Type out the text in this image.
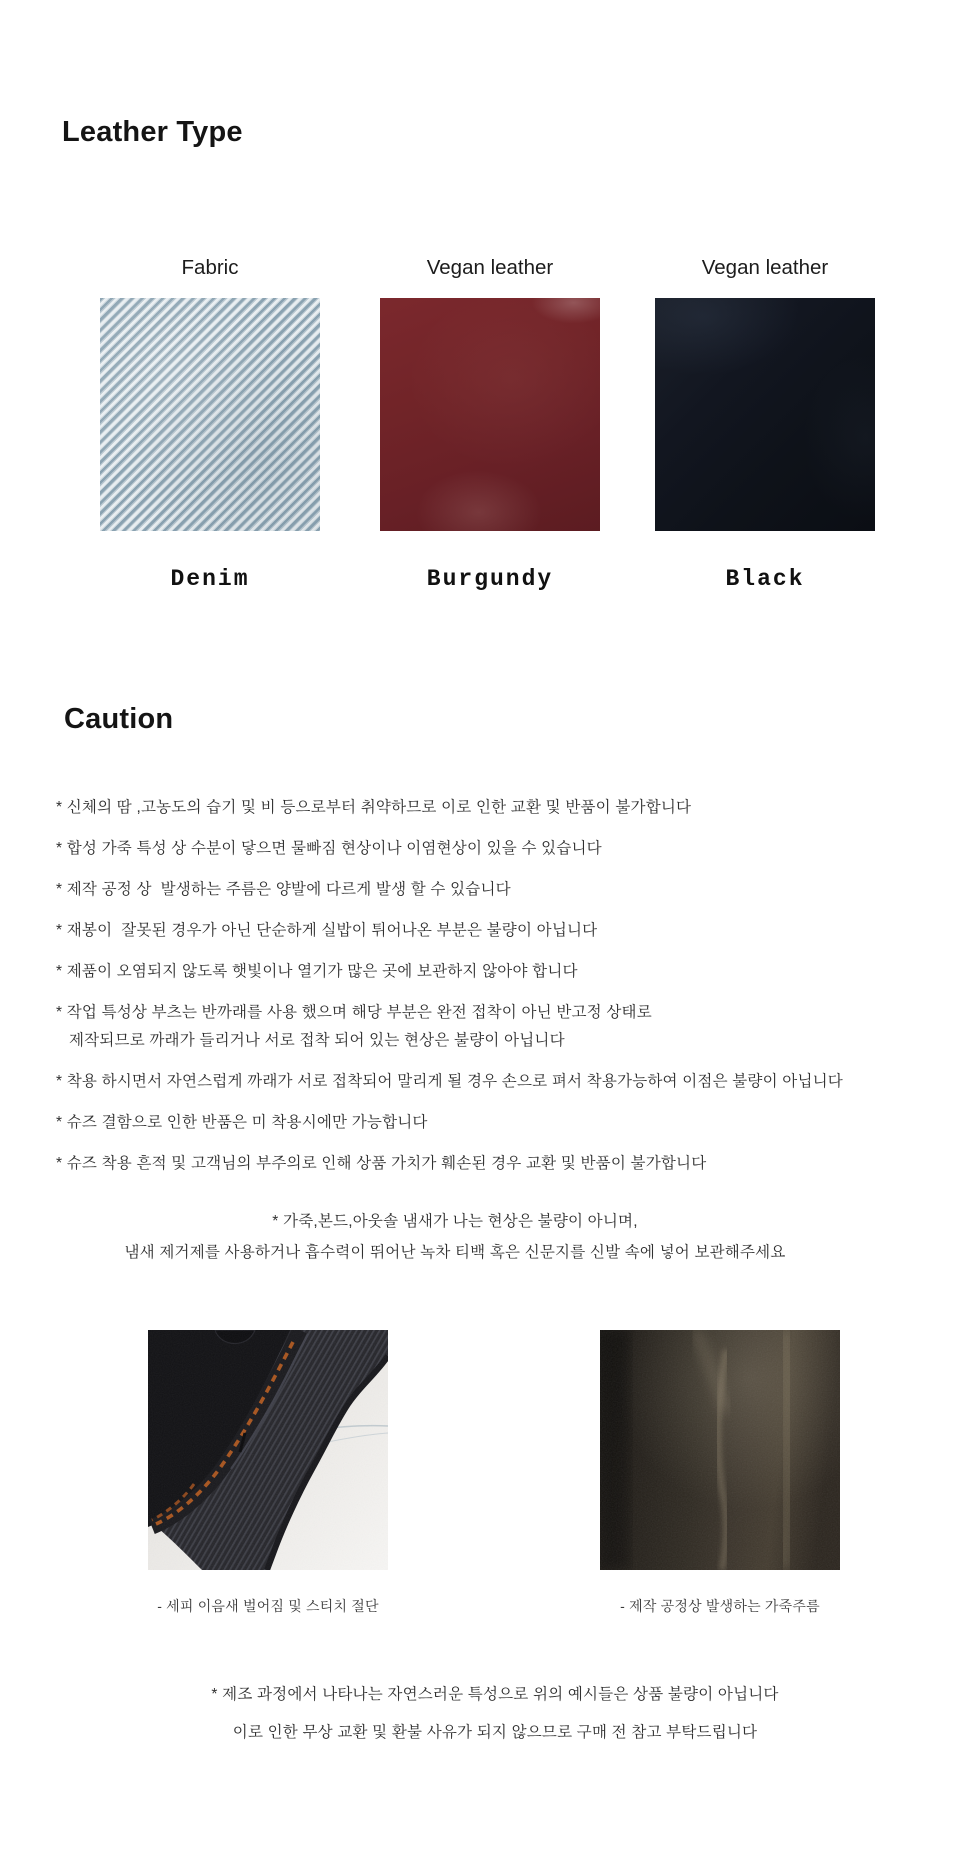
Leather Type
Fabric
Denim
Vegan leather
Burgundy
Vegan leather
Black
Caution
* 신체의 땀 ,고농도의 습기 및 비 등으로부터 취약하므로 이로 인한 교환 및 반품이 불가합니다
* 합성 가죽 특성 상 수분이 닿으면 물빠짐 현상이나 이염현상이 있을 수 있습니다
* 제작 공정 상  발생하는 주름은 양발에 다르게 발생 할 수 있습니다
* 재봉이  잘못된 경우가 아닌 단순하게 실밥이 튀어나온 부분은 불량이 아닙니다
* 제품이 오염되지 않도록 햇빛이나 열기가 많은 곳에 보관하지 않아야 합니다
* 작업 특성상 부츠는 반까래를 사용 했으며 해당 부분은 완전 접착이 아닌 반고정 상태로
제작되므로 까래가 들리거나 서로 접착 되어 있는 현상은 불량이 아닙니다
* 착용 하시면서 자연스럽게 까래가 서로 접착되어 말리게 될 경우 손으로 펴서 착용가능하여 이점은 불량이 아닙니다
* 슈즈 결함으로 인한 반품은 미 착용시에만 가능합니다
* 슈즈 착용 흔적 및 고객님의 부주의로 인해 상품 가치가 훼손된 경우 교환 및 반품이 불가합니다
* 가죽,본드,아웃솔 냄새가 나는 현상은 불량이 아니며,
냄새 제거제를 사용하거나 흡수력이 뛰어난 녹차 티백 혹은 신문지를 신발 속에 넣어 보관해주세요
- 세피 이음새 벌어짐 및 스티치 절단	- 제작 공정상 발생하는 가죽주름
* 제조 과정에서 나타나는 자연스러운 특성으로 위의 예시들은 상품 불량이 아닙니다
이로 인한 무상 교환 및 환불 사유가 되지 않으므로 구매 전 참고 부탁드립니다
